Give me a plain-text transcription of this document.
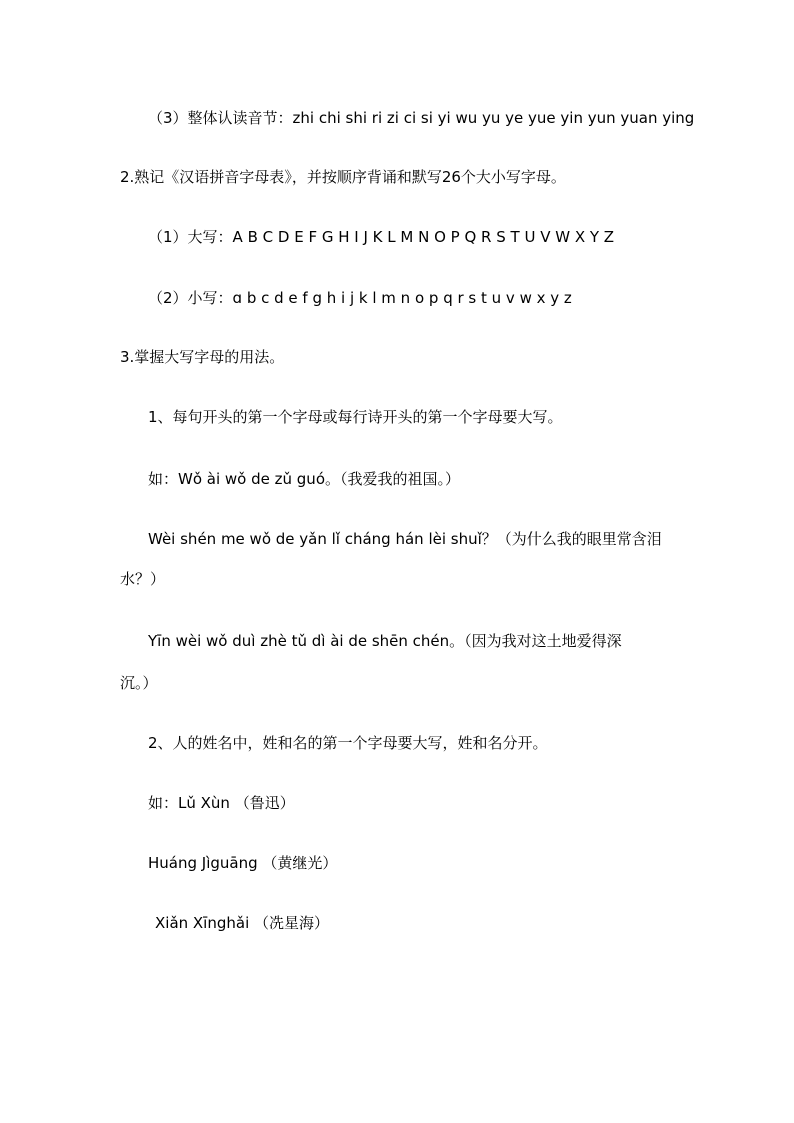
（3）整体认读音节：zhi chi shi ri zi ci si yi wu yu ye yue yin yun yuan ying
2.熟记《汉语拼音字母表》，并按顺序背诵和默写26个大小写字母。
（1）大写：A B C D E F G H I J K L M N O P Q R S T U V W X Y Z
（2）小写：ɑ b c d e f g h i j k l m n o p q r s t u v w x y z
3.掌握大写字母的用法。
1、每句开头的第一个字母或每行诗开头的第一个字母要大写。
如：Wǒ ài wǒ de zǔ guó。（我爱我的祖国。）
Wèi shén me wǒ de yǎn lǐ cháng hán lèi shuǐ？（为什么我的眼里常含泪
水？）
Yīn wèi wǒ duì zhè tǔ dì ài de shēn chén。（因为我对这土地爱得深
沉。）
2、人的姓名中，姓和名的第一个字母要大写，姓和名分开。
如：Lǔ Xùn （鲁迅）
Huáng Jìguāng （黄继光）
Xiǎn Xīnghǎi （冼星海）
